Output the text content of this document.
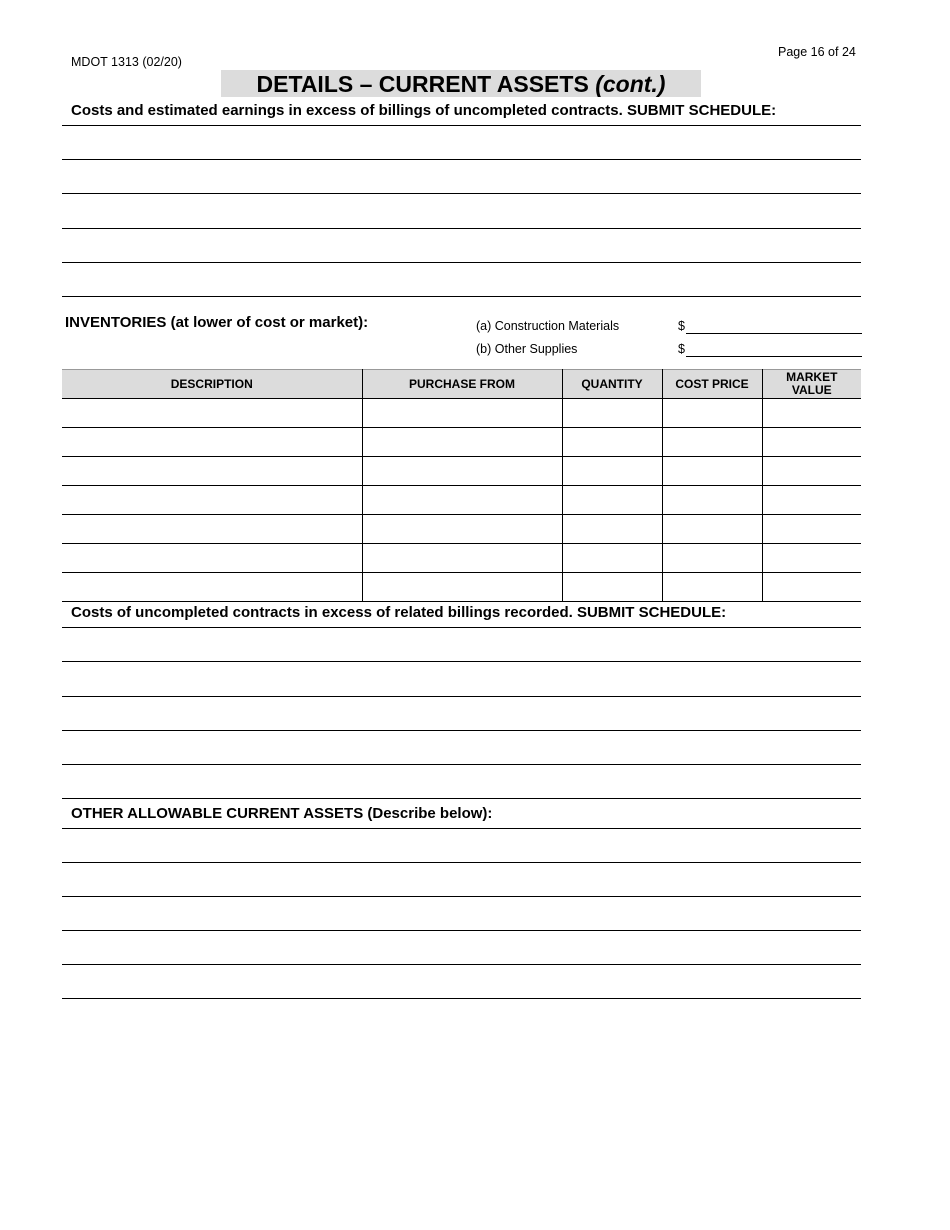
MDOT 1313 (02/20)
Page 16 of 24
DETAILS – CURRENT ASSETS (cont.)
Costs and estimated earnings in excess of billings of uncompleted contracts. SUBMIT SCHEDULE:
INVENTORIES (at lower of cost or market):	(a) Construction Materials	$
(b) Other Supplies	$
DESCRIPTION	PURCHASE FROM	QUANTITY	COST PRICE	MARKET
VALUE

Costs of uncompleted contracts in excess of related billings recorded. SUBMIT SCHEDULE:
OTHER ALLOWABLE CURRENT ASSETS (Describe below):
